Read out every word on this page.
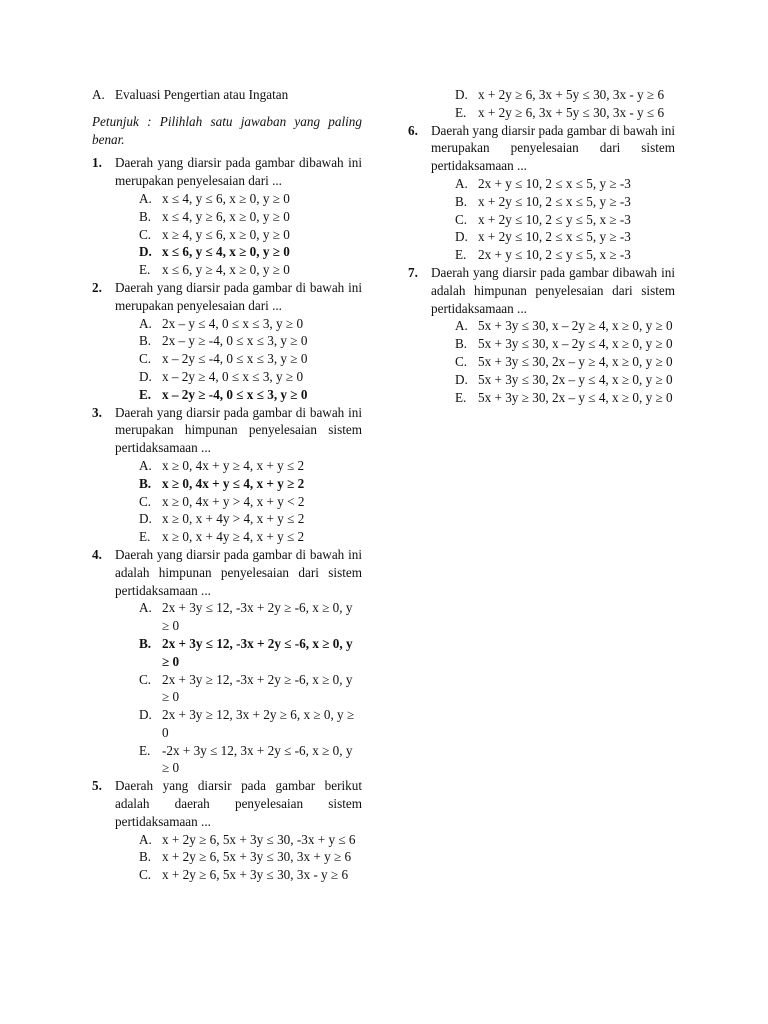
A. Evaluasi Pengertian atau Ingatan
Petunjuk : Pilihlah satu jawaban yang paling benar.
1. Daerah yang diarsir pada gambar dibawah ini merupakan penyelesaian dari ...
A. x ≤ 4, y ≤ 6, x ≥ 0, y ≥ 0
B. x ≤ 4, y ≥ 6, x ≥ 0, y ≥ 0
C. x ≥ 4, y ≤ 6, x ≥ 0, y ≥ 0
D. x ≤ 6, y ≤ 4, x ≥ 0, y ≥ 0
E. x ≤ 6, y ≥ 4, x ≥ 0, y ≥ 0
2. Daerah yang diarsir pada gambar di bawah ini merupakan penyelesaian dari ...
A. 2x – y ≤ 4, 0 ≤ x ≤ 3, y ≥ 0
B. 2x – y ≥ -4, 0 ≤ x ≤ 3, y ≥ 0
C. x – 2y ≤ -4, 0 ≤ x ≤ 3, y ≥ 0
D. x – 2y ≥ 4, 0 ≤ x ≤ 3, y ≥ 0
E. x – 2y ≥ -4, 0 ≤ x ≤ 3, y ≥ 0
3. Daerah yang diarsir pada gambar di bawah ini merupakan himpunan penyelesaian sistem pertidaksamaan ...
A. x ≥ 0, 4x + y ≥ 4, x + y ≤ 2
B. x ≥ 0, 4x + y ≤ 4, x + y ≥ 2
C. x ≥ 0, 4x + y > 4, x + y < 2
D. x ≥ 0, x + 4y > 4, x + y ≤ 2
E. x ≥ 0, x + 4y ≥ 4, x + y ≤ 2
4. Daerah yang diarsir pada gambar di bawah ini adalah himpunan penyelesaian dari sistem pertidaksamaan ...
A. 2x + 3y ≤ 12, -3x + 2y ≥ -6, x ≥ 0, y ≥ 0
B. 2x + 3y ≤ 12, -3x + 2y ≤ -6, x ≥ 0, y ≥ 0
C. 2x + 3y ≥ 12, -3x + 2y ≥ -6, x ≥ 0, y ≥ 0
D. 2x + 3y ≥ 12, 3x + 2y ≥ 6, x ≥ 0, y ≥ 0
E. -2x + 3y ≤ 12, 3x + 2y ≤ -6, x ≥ 0, y ≥ 0
5. Daerah yang diarsir pada gambar berikut adalah daerah penyelesaian sistem pertidaksamaan ...
A. x + 2y ≥ 6, 5x + 3y ≤ 30, -3x + y ≤ 6
B. x + 2y ≥ 6, 5x + 3y ≤ 30, 3x + y ≥ 6
C. x + 2y ≥ 6, 5x + 3y ≤ 30, 3x - y ≥ 6
D. x + 2y ≥ 6, 3x + 5y ≤ 30, 3x - y ≥ 6
E. x + 2y ≥ 6, 3x + 5y ≤ 30, 3x - y ≤ 6
6. Daerah yang diarsir pada gambar di bawah ini merupakan penyelesaian dari sistem pertidaksamaan ...
A. 2x + y ≤ 10, 2 ≤ x ≤ 5, y ≥ -3
B. x + 2y ≤ 10, 2 ≤ x ≤ 5, y ≥ -3
C. x + 2y ≤ 10, 2 ≤ y ≤ 5, x ≥ -3
D. x + 2y ≤ 10, 2 ≤ x ≤ 5, y ≥ -3
E. 2x + y ≤ 10, 2 ≤ y ≤ 5, x ≥ -3
7. Daerah yang diarsir pada gambar dibawah ini adalah himpunan penyelesaian dari sistem pertidaksamaan ...
A. 5x + 3y ≤ 30, x – 2y ≥ 4, x ≥ 0, y ≥ 0
B. 5x + 3y ≤ 30, x – 2y ≤ 4, x ≥ 0, y ≥ 0
C. 5x + 3y ≤ 30, 2x – y ≥ 4, x ≥ 0, y ≥ 0
D. 5x + 3y ≤ 30, 2x – y ≤ 4, x ≥ 0, y ≥ 0
E. 5x + 3y ≥ 30, 2x – y ≤ 4, x ≥ 0, y ≥ 0
